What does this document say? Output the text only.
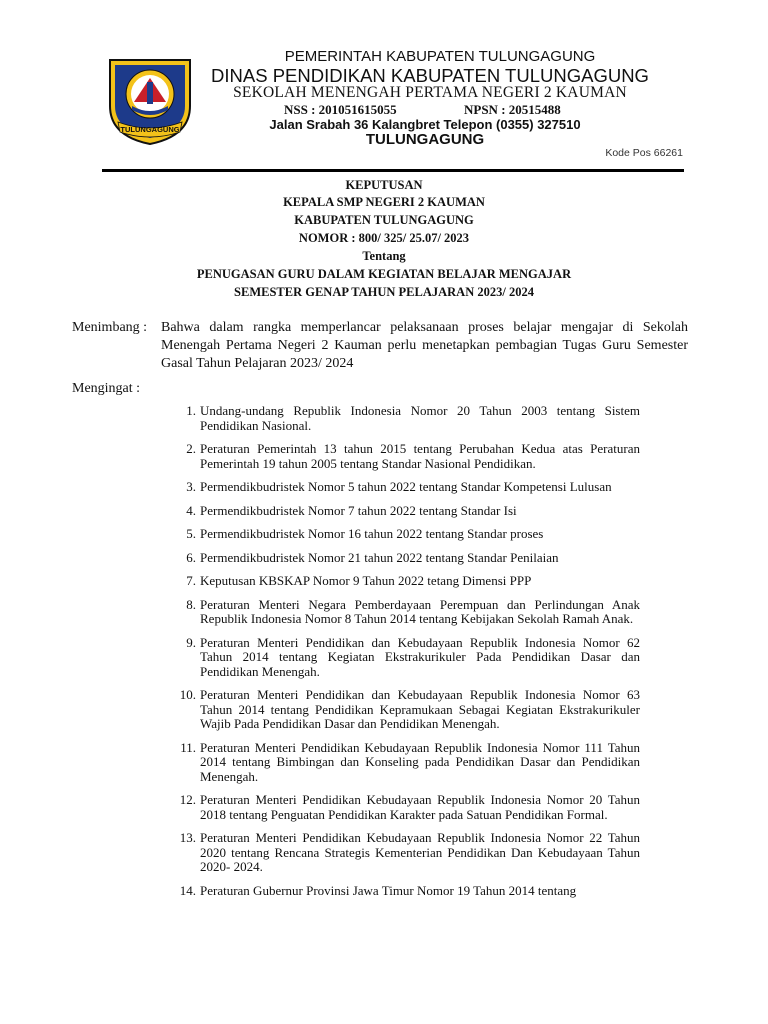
TULUNGAGUNG
PEMERINTAH KABUPATEN TULUNGAGUNG
DINAS PENDIDIKAN KABUPATEN TULUNGAGUNG
SEKOLAH MENENGAH PERTAMA NEGERI 2 KAUMAN
NSS : 201051615055	NPSN : 20515488
Jalan Srabah 36 Kalangbret Telepon (0355) 327510
TULUNGAGUNG
Kode Pos 66261
KEPUTUSAN
KEPALA SMP NEGERI 2 KAUMAN
KABUPATEN TULUNGAGUNG
NOMOR : 800/ 325/ 25.07/ 2023
Tentang
PENUGASAN GURU DALAM KEGIATAN BELAJAR MENGAJAR
SEMESTER GENAP TAHUN PELAJARAN 2023/ 2024
Menimbang : Bahwa dalam rangka memperlancar pelaksanaan proses belajar mengajar di Sekolah Menengah Pertama Negeri 2 Kauman perlu menetapkan pembagian Tugas Guru Semester Gasal Tahun Pelajaran 2023/ 2024
Mengingat :
1. Undang-undang Republik Indonesia Nomor 20 Tahun 2003 tentang Sistem Pendidikan Nasional.
2. Peraturan Pemerintah 13 tahun 2015 tentang Perubahan Kedua atas Peraturan Pemerintah 19 tahun 2005 tentang Standar Nasional Pendidikan.
3. Permendikbudristek Nomor 5 tahun 2022 tentang Standar Kompetensi Lulusan
4. Permendikbudristek Nomor 7 tahun 2022 tentang Standar Isi
5. Permendikbudristek Nomor 16 tahun 2022 tentang Standar proses
6. Permendikbudristek Nomor 21 tahun 2022 tentang Standar Penilaian
7. Keputusan KBSKAP Nomor 9 Tahun 2022 tetang Dimensi PPP
8. Peraturan Menteri Negara Pemberdayaan Perempuan dan Perlindungan Anak Republik Indonesia Nomor 8 Tahun 2014 tentang Kebijakan Sekolah Ramah Anak.
9. Peraturan Menteri Pendidikan dan Kebudayaan Republik Indonesia Nomor 62 Tahun 2014 tentang Kegiatan Ekstrakurikuler Pada Pendidikan Dasar dan Pendidikan Menengah.
10. Peraturan Menteri Pendidikan dan Kebudayaan Republik Indonesia Nomor 63 Tahun 2014 tentang Pendidikan Kepramukaan Sebagai Kegiatan Ekstrakurikuler Wajib Pada Pendidikan Dasar dan Pendidikan Menengah.
11. Peraturan Menteri Pendidikan Kebudayaan Republik Indonesia Nomor 111 Tahun 2014 tentang Bimbingan dan Konseling pada Pendidikan Dasar dan Pendidikan Menengah.
12. Peraturan Menteri Pendidikan Kebudayaan Republik Indonesia Nomor 20 Tahun 2018 tentang Penguatan Pendidikan Karakter pada Satuan Pendidikan Formal.
13. Peraturan Menteri Pendidikan Kebudayaan Republik Indonesia Nomor 22 Tahun 2020 tentang Rencana Strategis Kementerian Pendidikan Dan Kebudayaan Tahun 2020- 2024.
14. Peraturan Gubernur Provinsi Jawa Timur Nomor 19 Tahun 2014 tentang
